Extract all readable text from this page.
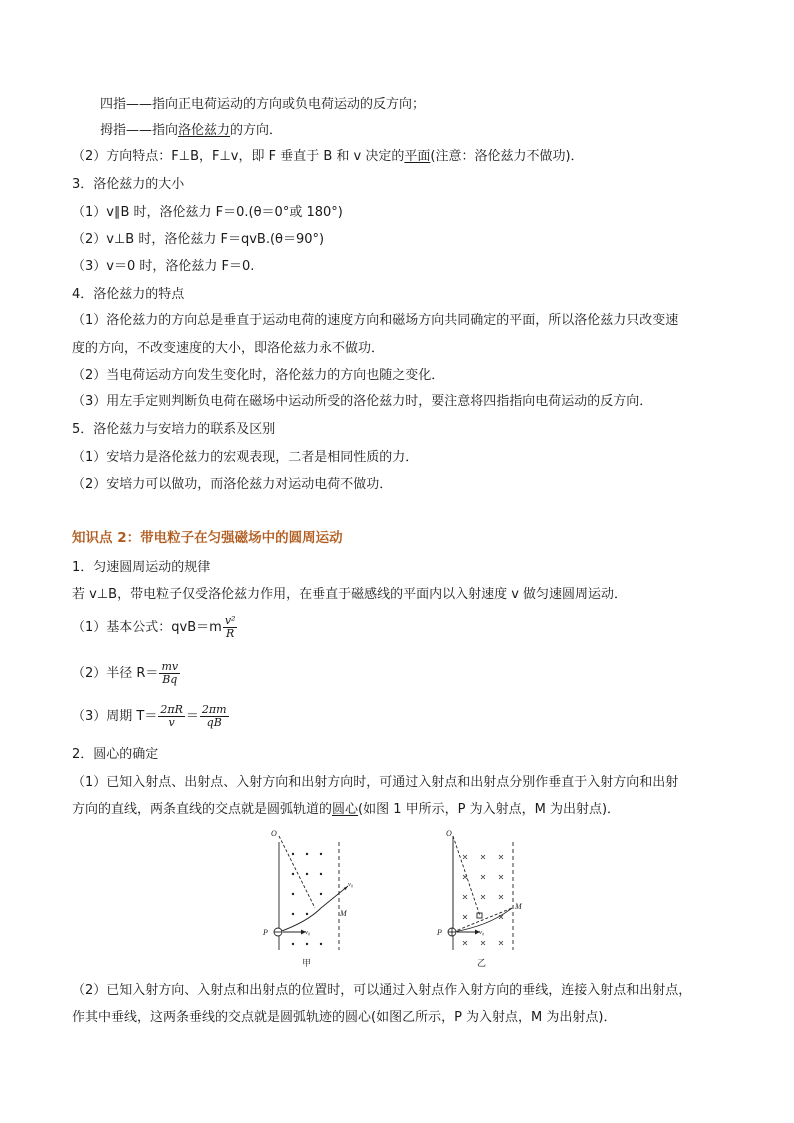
四指——指向正电荷运动的方向或负电荷运动的反方向；
拇指——指向洛伦兹力的方向．
（2）方向特点：F⊥B，F⊥v，即 F 垂直于 B 和 v 决定的平面(注意：洛伦兹力不做功)．
3．洛伦兹力的大小
（1）v∥B 时，洛伦兹力 F＝0.(θ＝0°或 180°)
（2）v⊥B 时，洛伦兹力 F＝qvB.(θ＝90°)
（3）v＝0 时，洛伦兹力 F＝0.
4．洛伦兹力的特点
（1）洛伦兹力的方向总是垂直于运动电荷的速度方向和磁场方向共同确定的平面，所以洛伦兹力只改变速
度的方向，不改变速度的大小，即洛伦兹力永不做功．
（2）当电荷运动方向发生变化时，洛伦兹力的方向也随之变化．
（3）用左手定则判断负电荷在磁场中运动所受的洛伦兹力时，要注意将四指指向电荷运动的反方向．
5．洛伦兹力与安培力的联系及区别
（1）安培力是洛伦兹力的宏观表现，二者是相同性质的力．
（2）安培力可以做功，而洛伦兹力对运动电荷不做功．
知识点 2：带电粒子在匀强磁场中的圆周运动
1．匀速圆周运动的规律
若 v⊥B，带电粒子仅受洛伦兹力作用，在垂直于磁感线的平面内以入射速度 v 做匀速圆周运动．
（1）基本公式：$qvB=m \frac{\text{v²}}{R}$
（2）半径 $R= \frac{mv}{Bq}$
（3）周期 $T= \frac{2\pi R}{v} = \frac{2\pi m}{qB}$
2．圆心的确定
（1）已知入射点、出射点、入射方向和出射方向时，可通过入射点和出射点分别作垂直于入射方向和出射
方向的直线，两条直线的交点就是圆弧轨道的圆心(如图 1 甲所示，P 为入射点，M 为出射点)．
O
P
M
v₀
v₀
甲
O
P
M
v₀
乙
（2）已知入射方向、入射点和出射点的位置时，可以通过入射点作入射方向的垂线，连接入射点和出射点，
作其中垂线，这两条垂线的交点就是圆弧轨迹的圆心(如图乙所示，P 为入射点，M 为出射点)．
